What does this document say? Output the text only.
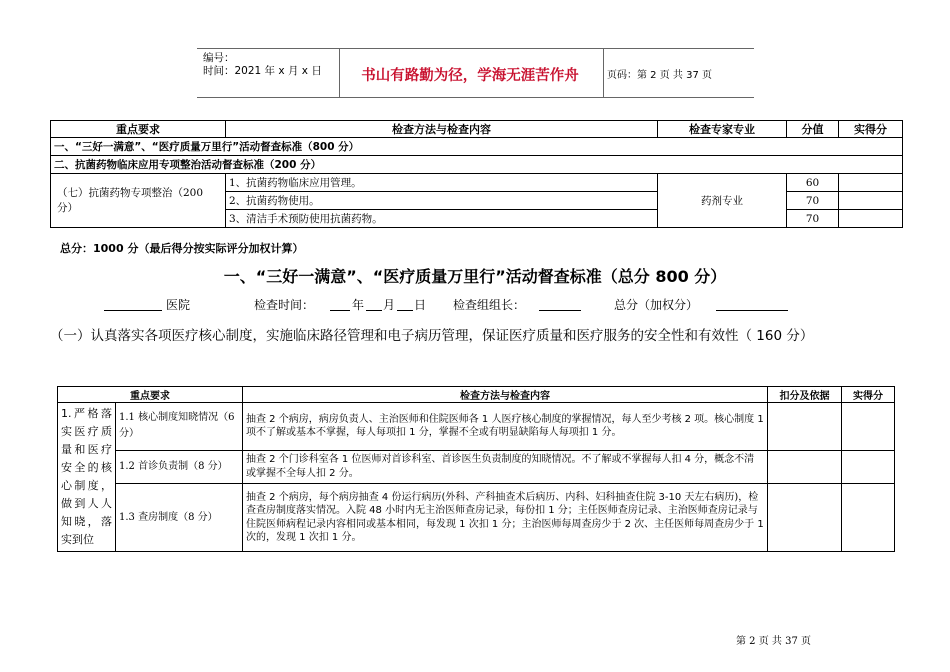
编号：
时间：2021 年 x 月 x 日	书山有路勤为径，学海无涯苦作舟	页码：第 2 页 共 37 页
重点要求	检查方法与检查内容	检查专家专业	分值	实得分
一、“三好一满意”、“医疗质量万里行”活动督查标准（800 分）				
二、抗菌药物临床应用专项整治活动督查标准（200 分）				
（七）抗菌药物专项整治（200 分）	1、抗菌药物临床应用管理。	药剂专业	60	
	2、抗菌药物使用。		70	
	3、清洁手术预防使用抗菌药物。		70	
总分：1000 分（最后得分按实际评分加权计算）
一、“三好一满意”、“医疗质量万里行”活动督查标准（总分 800 分）
医院	检查时间：	年 月 日 检查组组长：	总分（加权分）
（一）认真落实各项医疗核心制度，实施临床路径管理和电子病历管理，保证医疗质量和医疗服务的安全性和有效性（ 160 分）
重点要求		检查方法与检查内容	扣分及依据	实得分
1.严格落实医疗质量和医疗安全的核心制度，做到人人知晓，落实到位	1.1 核心制度知晓情况（6 分）	抽查 2 个病房，病房负责人、主治医师和住院医师各 1 人医疗核心制度的掌握情况，每人至少考核 2 项。核心制度 1 项不了解或基本不掌握，每人每项扣 1 分，掌握不全或有明显缺陷每人每项扣 1 分。		
	1.2 首诊负责制（8 分）	抽查 2 个门诊科室各 1 位医师对首诊科室、首诊医生负责制度的知晓情况。不了解或不掌握每人扣 4 分，概念不清或掌握不全每人扣 2 分。		
	1.3 查房制度（8 分）	抽查 2 个病房，每个病房抽查 4 份运行病历(外科、产科抽查术后病历、内科、妇科抽查住院 3-10 天左右病历)，检查查房制度落实情况。入院 48 小时内无主治医师查房记录，每份扣 1 分；主任医师查房记录、主治医师查房记录与住院医师病程记录内容相同或基本相同，每发现 1 次扣 1 分；主治医师每周查房少于 2 次、主任医师每周查房少于 1 次的，发现 1 次扣 1 分。		
第 2 页 共 37 页
